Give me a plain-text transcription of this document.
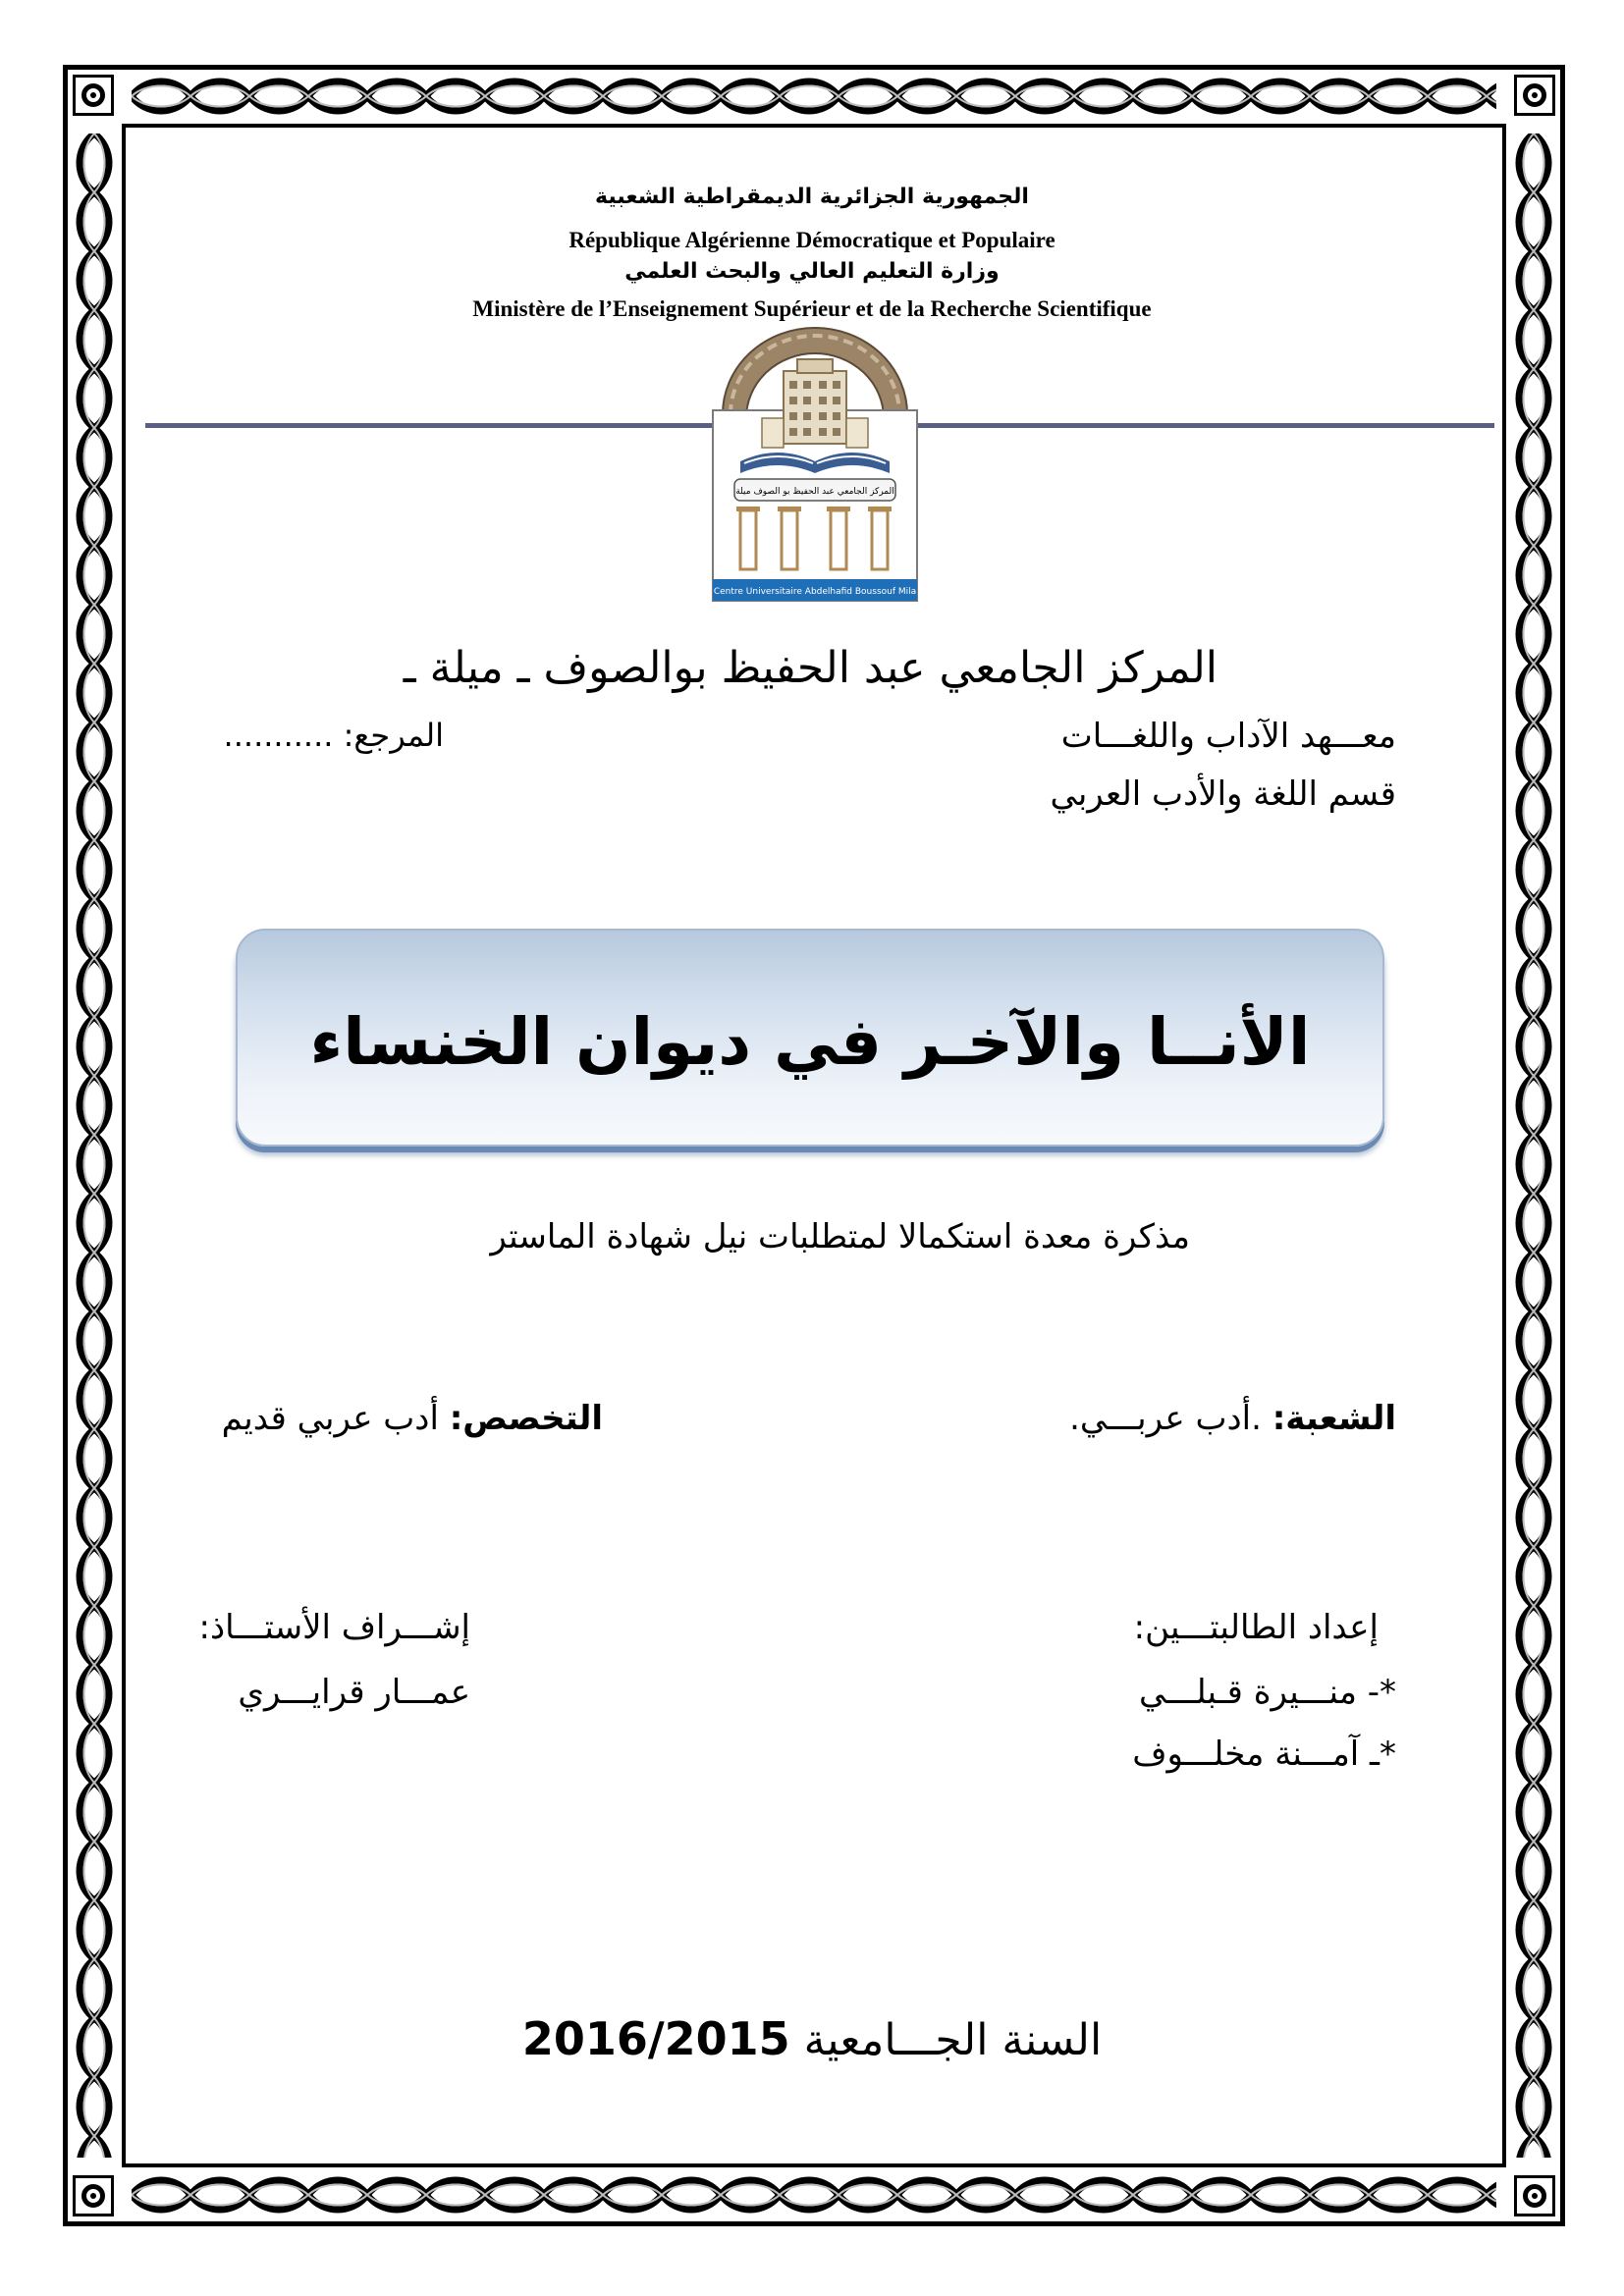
الجمهورية الجزائرية الديمقراطية الشعبية
République Algérienne Démocratique et Populaire
وزارة التعليم العالي والبحث العلمي
Ministère de l’Enseignement Supérieur et de la Recherche Scientifique
المركز الجامعي عبد الحفيظ بو الصوف ميلة
Centre Universitaire Abdelhafid Boussouf Mila
المركز الجامعي عبد الحفيظ بوالصوف ـ ميلة ـ
معـــهد الآداب واللغـــات
المرجع: ...........
قسم اللغة والأدب العربي
الأنــا والآخـر في ديوان الخنساء
مذكرة معدة استكمالا لمتطلبات نيل شهادة الماستر
الشعبة: .أدب عربـــي.
التخصص: أدب عربي قديم
إعداد الطالبتـــين:
*- منـــيرة قـبلـــي
*ـ آمـــنة مخلـــوف
إشـــراف الأستـــاذ:
عمـــار قرايـــري
السنة الجـــامعية 2016/2015
